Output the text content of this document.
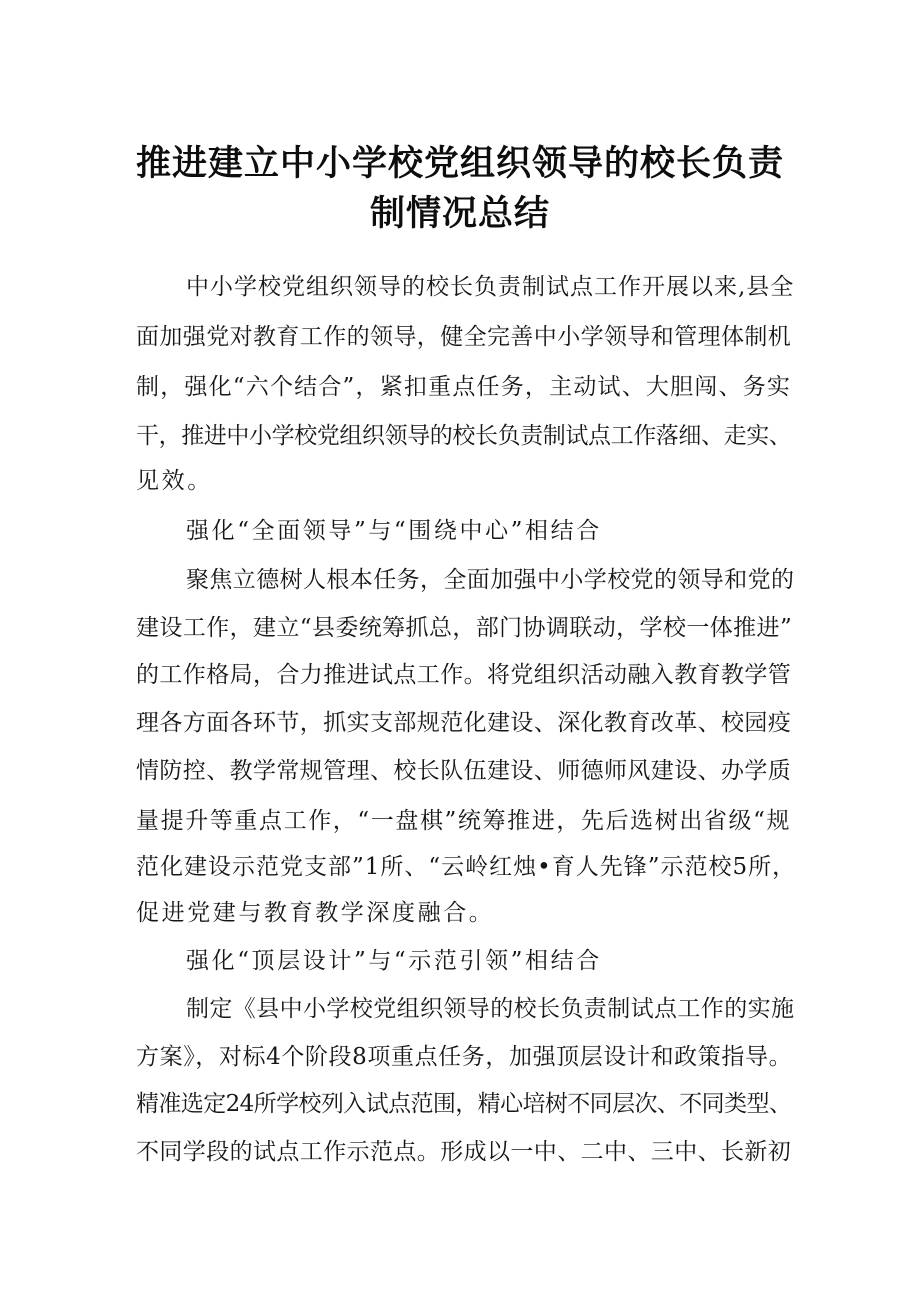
推进建立中小学校党组织领导的校长负责
制情况总结
中小学校党组织领导的校长负责制试点工作开展以来,县全
面加强党对教育工作的领导，健全完善中小学领导和管理体制机
制，强化“六个结合”，紧扣重点任务，主动试、大胆闯、务实
干，推进中小学校党组织领导的校长负责制试点工作落细、走实、
见效。
强化“全面领导”与“围绕中心”相结合
聚焦立德树人根本任务，全面加强中小学校党的领导和党的
建设工作，建立“县委统筹抓总，部门协调联动，学校一体推进”
的工作格局，合力推进试点工作。将党组织活动融入教育教学管
理各方面各环节，抓实支部规范化建设、深化教育改革、校园疫
情防控、教学常规管理、校长队伍建设、师德师风建设、办学质
量提升等重点工作，“一盘棋”统筹推进，先后选树出省级“规
范化建设示范党支部”1所、“云岭红烛•育人先锋”示范校5所，
促进党建与教育教学深度融合。
强化“顶层设计”与“示范引领”相结合
制定《县中小学校党组织领导的校长负责制试点工作的实施
方案》，对标4个阶段8项重点任务，加强顶层设计和政策指导。
精准选定24所学校列入试点范围，精心培树不同层次、不同类型、
不同学段的试点工作示范点。形成以一中、二中、三中、长新初
